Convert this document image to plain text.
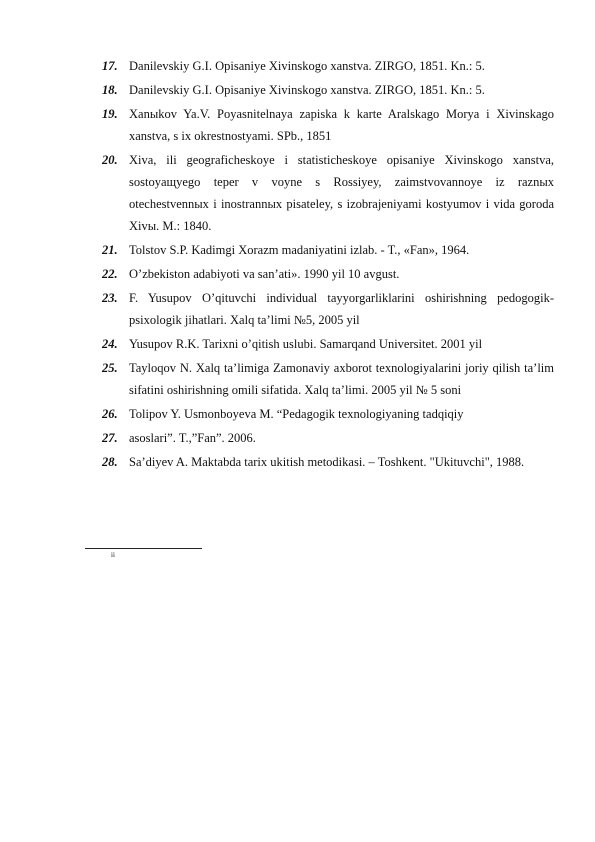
17. Danilevskiy G.I. Opisaniye Xivinskogo xanstva. ZIRGO, 1851. Kn.: 5.
18. Danilevskiy G.I. Opisaniye Xivinskogo xanstva. ZIRGO, 1851. Kn.: 5.
19. Xanыkov Ya.V. Poyasnitelnaya zapiska k karte Aralskago Morya i Xivinskago xanstva, s ix okrestnostyami. SPb., 1851
20. Xiva, ili geograficheskoye i statisticheskoye opisaniye Xivinskogo xanstva, sostoyaщyego teper v voyne s Rossiyey, zaimstvovannoye iz raznыx otechestvennыx i inostrannыx pisateley, s izobrajeniyami kostyumov i vida goroda Xivы. M.: 1840.
21. Tolstov S.P. Kadimgi Xorazm madaniyatini izlab. - T., «Fan», 1964.
22. O’zbekiston adabiyoti va san’ati». 1990 yil 10 avgust.
23. F. Yusupov O’qituvchi individual tayyorgarliklarini oshirishning pedogogik-psixologik jihatlari. Xalq ta’limi №5, 2005 yil
24. Yusupov R.K. Tarixni o’qitish uslubi. Samarqand Universitet. 2001 yil
25. Tayloqov N. Xalq ta’limiga Zamonaviy axborot texnologiyalarini joriy qilish ta’lim sifatini oshirishning omili sifatida. Xalq ta’limi. 2005 yil № 5 soni
26. Tolipov Y. Usmonboyeva M. “Pedagogik texnologiyaning tadqiqiy
27. asoslari”. T.,”Fan”. 2006.
28. Sa’diyev A. Maktabda tarix ukitish metodikasi. – Toshkent. "Ukituvchi", 1988.
ii
